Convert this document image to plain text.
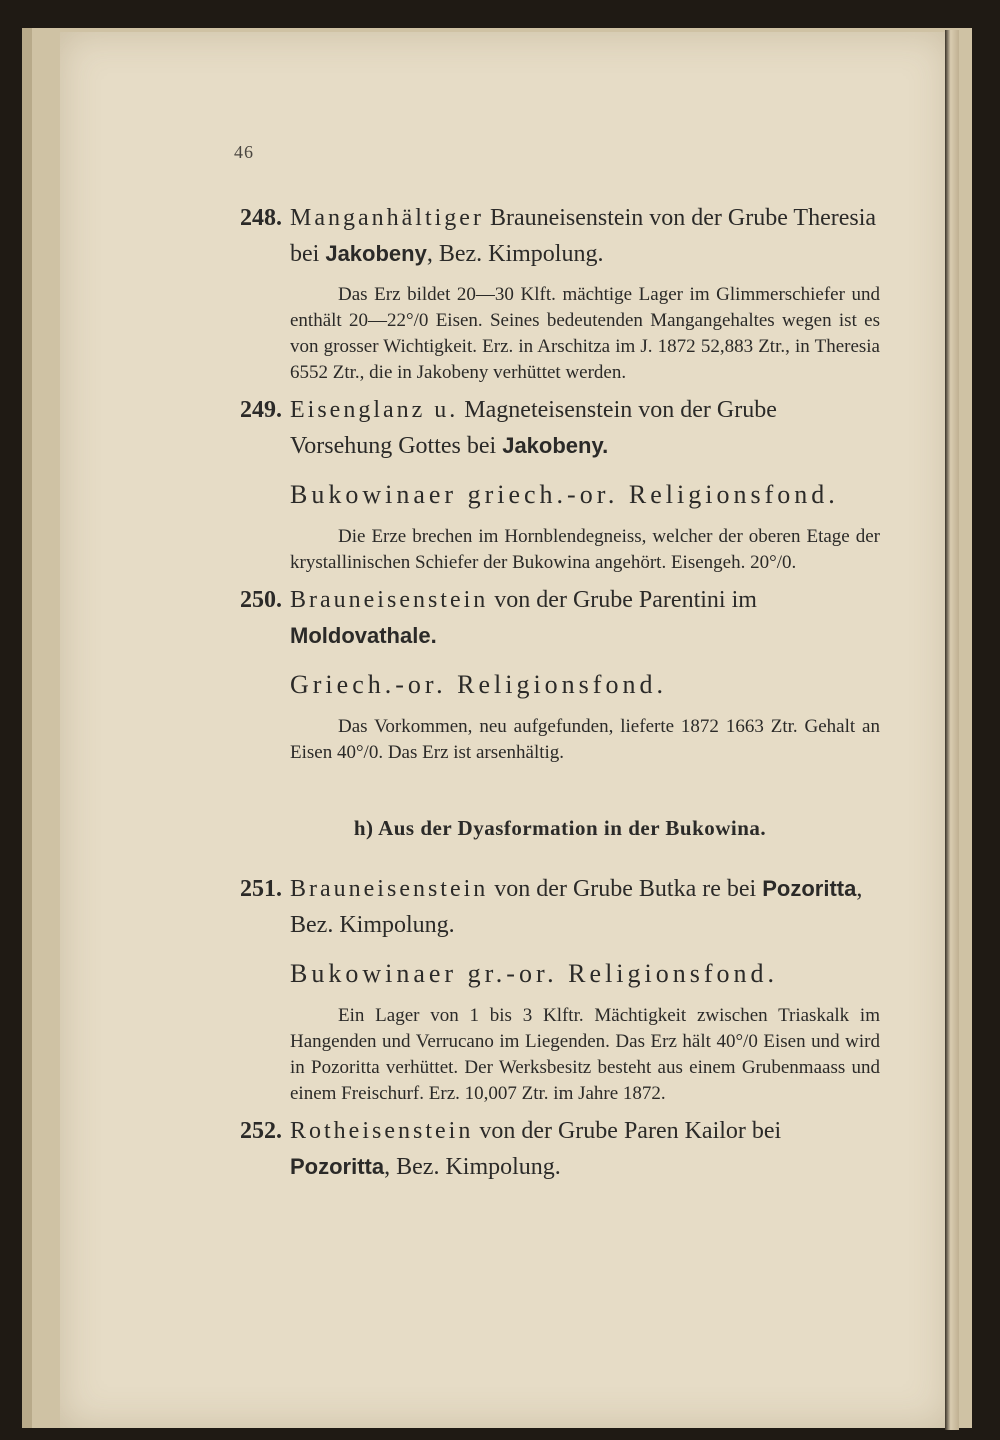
46

248. Manganhältiger Brauneisenstein von der Grube Theresia bei Jakobeny, Bez. Kimpolung.

Das Erz bildet 20—30 Klft. mächtige Lager im Glimmerschiefer und enthält 20—22°/0 Eisen. Seines bedeutenden Mangangehaltes wegen ist es von grosser Wichtigkeit. Erz. in Arschitza im J. 1872 52,883 Ztr., in Theresia 6552 Ztr., die in Jakobeny verhüttet werden.

249. Eisenglanz u. Magneteisenstein von der Grube Vorsehung Gottes bei Jakobeny.

Bukowinaer griech.-or. Religionsfond.

Die Erze brechen im Hornblendegneiss, welcher der oberen Etage der krystallinischen Schiefer der Bukowina angehört. Eisengeh. 20°/0.

250. Brauneisenstein von der Grube Parentini im Moldovathale.

Griech.-or. Religionsfond.

Das Vorkommen, neu aufgefunden, lieferte 1872 1663 Ztr. Gehalt an Eisen 40°/0. Das Erz ist arsenhältig.

h) Aus der Dyasformation in der Bukowina.

251. Brauneisenstein von der Grube Butka re bei Pozoritta, Bez. Kimpolung.

Bukowinaer gr.-or. Religionsfond.

Ein Lager von 1 bis 3 Klftr. Mächtigkeit zwischen Triaskalk im Hangenden und Verrucano im Liegenden. Das Erz hält 40°/0 Eisen und wird in Pozoritta verhüttet. Der Werksbesitz besteht aus einem Grubenmaass und einem Freischurf. Erz. 10,007 Ztr. im Jahre 1872.

252. Rotheisenstein von der Grube Paren Kailor bei Pozoritta, Bez. Kimpolung.
